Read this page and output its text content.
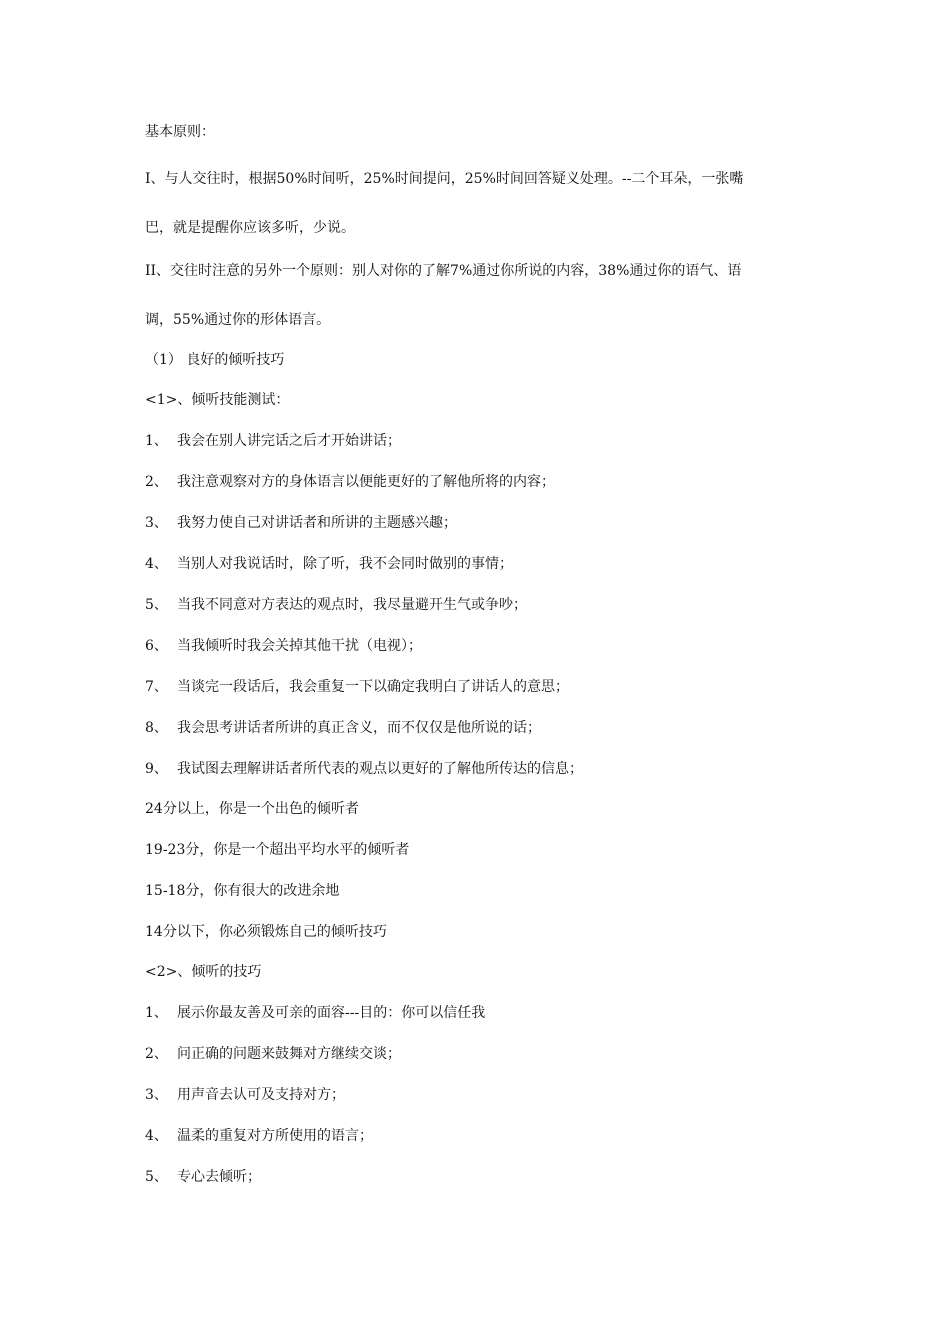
基本原则：
I、与人交往时，根据50%时间听，25%时间提问，25%时间回答疑义处理。--二个耳朵，一张嘴
巴，就是提醒你应该多听，少说。
II、交往时注意的另外一个原则：别人对你的了解7%通过你所说的内容，38%通过你的语气、语
调，55%通过你的形体语言。
（1） 良好的倾听技巧
<1>、倾听技能测试：
1、 我会在别人讲完话之后才开始讲话；
2、 我注意观察对方的身体语言以便能更好的了解他所将的内容；
3、 我努力使自己对讲话者和所讲的主题感兴趣；
4、 当别人对我说话时，除了听，我不会同时做别的事情；
5、 当我不同意对方表达的观点时，我尽量避开生气或争吵；
6、 当我倾听时我会关掉其他干扰（电视）；
7、 当谈完一段话后，我会重复一下以确定我明白了讲话人的意思；
8、 我会思考讲话者所讲的真正含义，而不仅仅是他所说的话；
9、 我试图去理解讲话者所代表的观点以更好的了解他所传达的信息；
24分以上，你是一个出色的倾听者
19-23分，你是一个超出平均水平的倾听者
15-18分，你有很大的改进余地
14分以下，你必须锻炼自己的倾听技巧
<2>、倾听的技巧
1、 展示你最友善及可亲的面容---目的：你可以信任我
2、 问正确的问题来鼓舞对方继续交谈；
3、 用声音去认可及支持对方；
4、 温柔的重复对方所使用的语言；
5、 专心去倾听；
